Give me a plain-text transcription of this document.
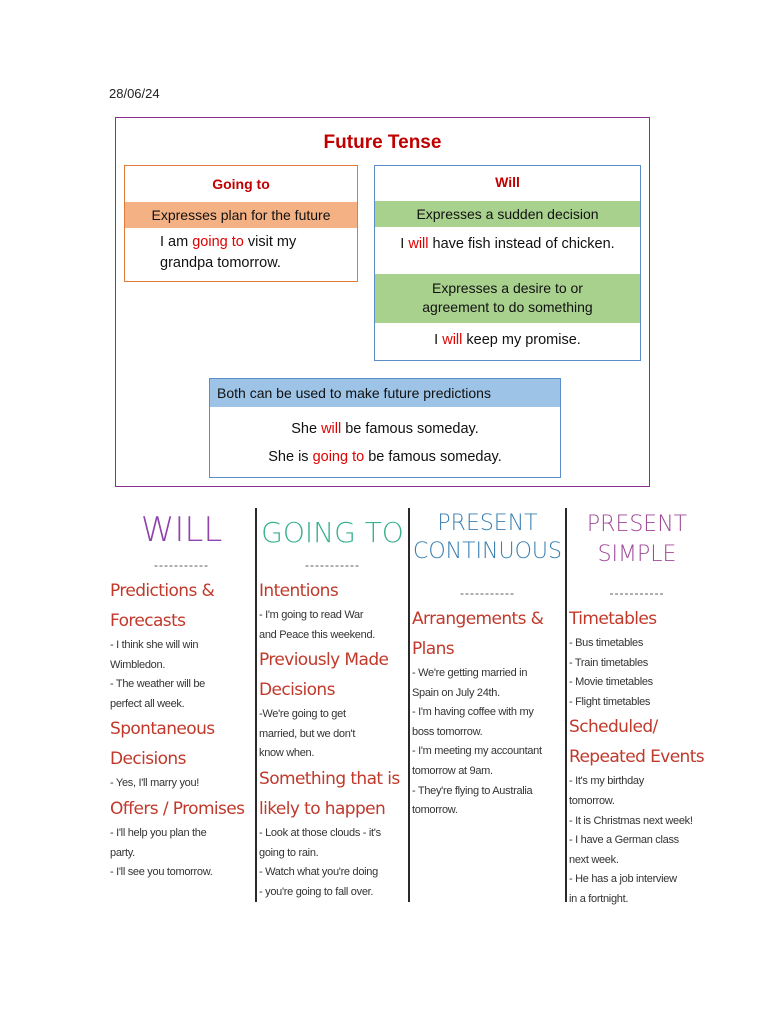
28/06/24
Future Tense
Going to
Expresses plan for the future
I am going to visit my
grandpa tomorrow.
Will
Expresses a sudden decision
I will have fish instead of chicken.
Expresses a desire to or
agreement to do something
I will keep my promise.
Both can be used to make future predictions
She will be famous someday.
She is going to be famous someday.
WILL
-----------
Predictions &
Forecasts
- I think she will win
Wimbledon.
- The weather will be
perfect all week.
Spontaneous
Decisions
- Yes, I'll marry you!
Offers / Promises
- I'll help you plan the
party.
- I'll see you tomorrow.
GOING TO
-----------
Intentions
- I'm going to read War
and Peace this weekend.
Previously Made
Decisions
-We're going to get
married, but we don't
know when.
Something that is
likely to happen
- Look at those clouds - it's
going to rain.
- Watch what you're doing
- you're going to fall over.
PRESENT
CONTINUOUS
-----------
Arrangements &
Plans
- We're getting married in
Spain on July 24th.
- I'm having coffee with my
boss tomorrow.
- I'm meeting my accountant
tomorrow at 9am.
- They're flying to Australia
tomorrow.
PRESENT
SIMPLE
-----------
Timetables
- Bus timetables
- Train timetables
- Movie timetables
- Flight timetables
Scheduled/
Repeated Events
- It's my birthday
tomorrow.
- It is Christmas next week!
- I have a German class
next week.
- He has a job interview
in a fortnight.
